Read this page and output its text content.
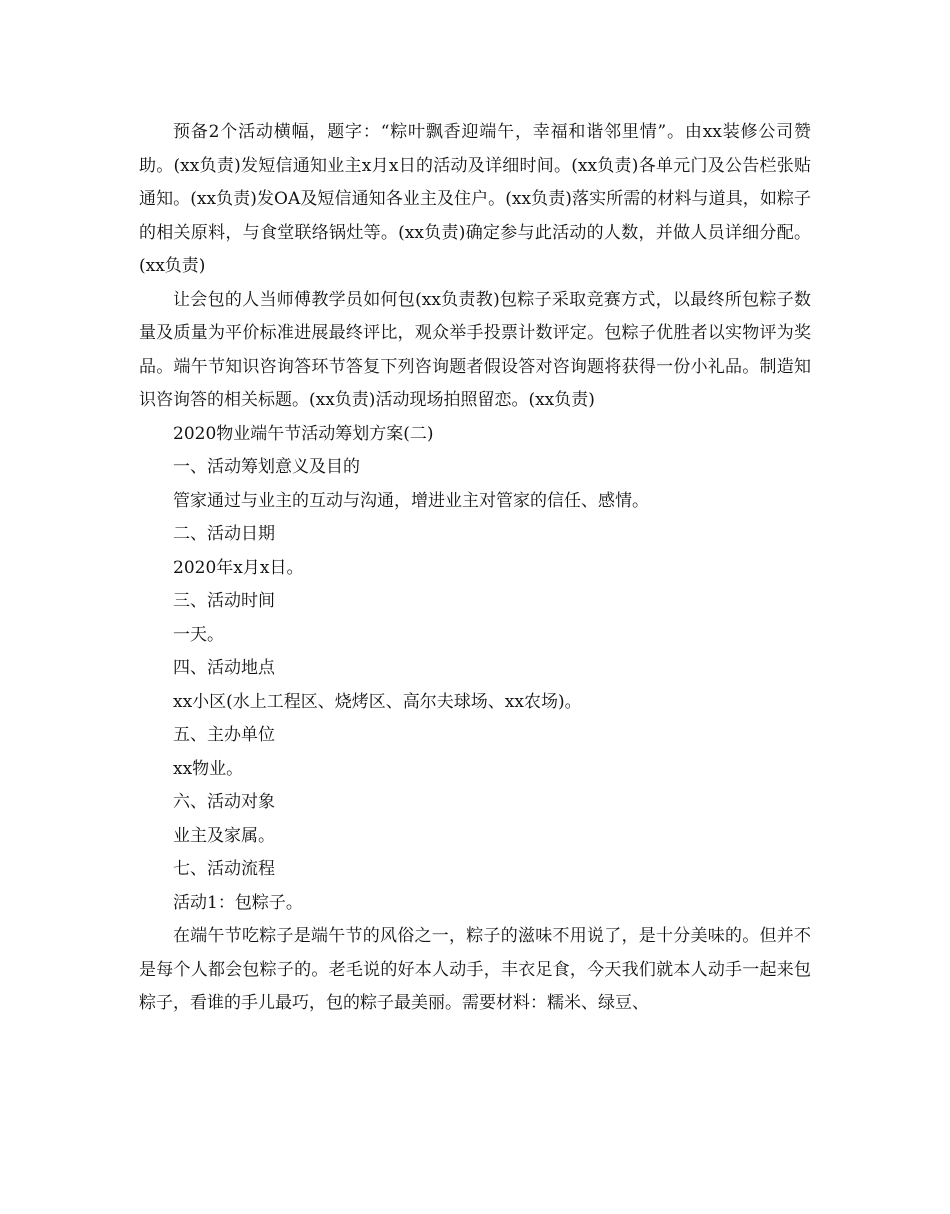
预备2个活动横幅，题字：“粽叶飘香迎端午，幸福和谐邻里情”。由xx装修公司赞助。(xx负责)发短信通知业主x月x日的活动及详细时间。(xx负责)各单元门及公告栏张贴通知。(xx负责)发OA及短信通知各业主及住户。(xx负责)落实所需的材料与道具，如粽子的相关原料，与食堂联络锅灶等。(xx负责)确定参与此活动的人数，并做人员详细分配。(xx负责)

让会包的人当师傅教学员如何包(xx负责教)包粽子采取竞赛方式，以最终所包粽子数量及质量为平价标准进展最终评比，观众举手投票计数评定。包粽子优胜者以实物评为奖品。端午节知识咨询答环节答复下列咨询题者假设答对咨询题将获得一份小礼品。制造知识咨询答的相关标题。(xx负责)活动现场拍照留恋。(xx负责)

2020物业端午节活动筹划方案(二)

一、活动筹划意义及目的

管家通过与业主的互动与沟通，增进业主对管家的信任、感情。

二、活动日期

2020年x月x日。

三、活动时间

一天。

四、活动地点

xx小区(水上工程区、烧烤区、高尔夫球场、xx农场)。

五、主办单位

xx物业。

六、活动对象

业主及家属。

七、活动流程

活动1：包粽子。

在端午节吃粽子是端午节的风俗之一，粽子的滋味不用说了，是十分美味的。但并不是每个人都会包粽子的。老毛说的好本人动手，丰衣足食，今天我们就本人动手一起来包粽子，看谁的手儿最巧，包的粽子最美丽。需要材料：糯米、绿豆、
